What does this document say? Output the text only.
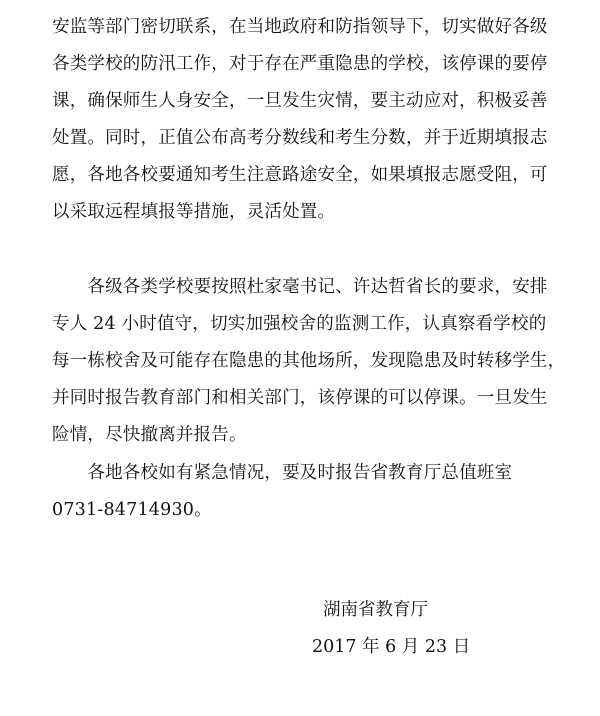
安监等部门密切联系，在当地政府和防指领导下，切实做好各级
各类学校的防汛工作，对于存在严重隐患的学校，该停课的要停
课，确保师生人身安全，一旦发生灾情，要主动应对，积极妥善
处置。同时，正值公布高考分数线和考生分数，并于近期填报志
愿，各地各校要通知考生注意路途安全，如果填报志愿受阻，可
以采取远程填报等措施，灵活处置。
　　各级各类学校要按照杜家毫书记、许达哲省长的要求，安排
专人 24 小时值守，切实加强校舍的监测工作，认真察看学校的
每一栋校舍及可能存在隐患的其他场所，发现隐患及时转移学生，
并同时报告教育部门和相关部门，该停课的可以停课。一旦发生
险情，尽快撤离并报告。
　　各地各校如有紧急情况，要及时报告省教育厅总值班室
0731-84714930。
湖南省教育厅
2017 年 6 月 23 日
